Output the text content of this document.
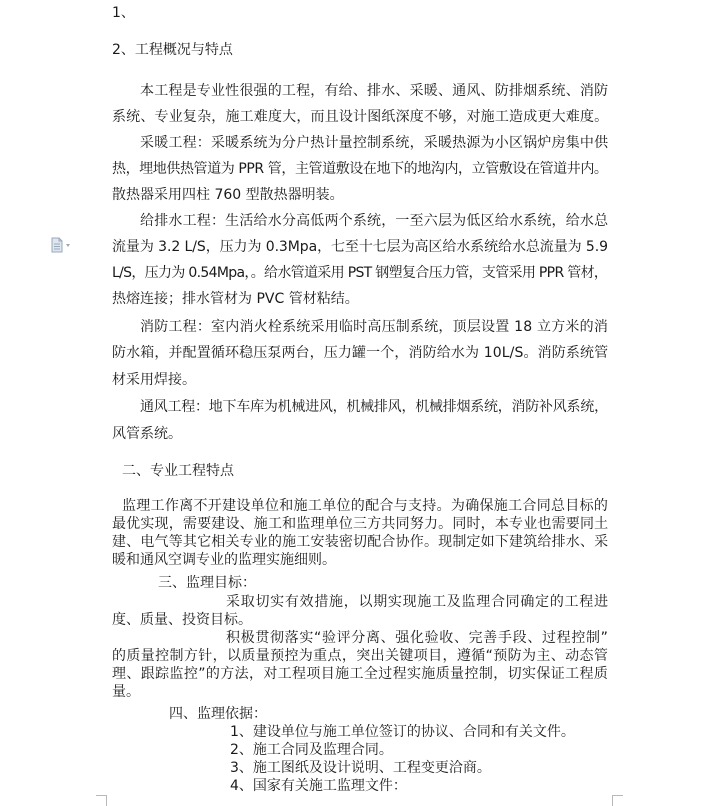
1、
2、工程概况与特点
本工程是专业性很强的工程，有给、排水、采暖、通风、防排烟系统、消防
系统、专业复杂，施工难度大，而且设计图纸深度不够，对施工造成更大难度。
采暖工程：采暖系统为分户热计量控制系统，采暖热源为小区锅炉房集中供
热，埋地供热管道为 PPR 管，主管道敷设在地下的地沟内，立管敷设在管道井内。
散热器采用四柱 760 型散热器明装。
给排水工程：生活给水分高低两个系统，一至六层为低区给水系统，给水总
流量为 3.2 L/S，压力为 0.3Mpa，七至十七层为高区给水系统给水总流量为 5.9
L/S，压力为 0.54Mpa，。给水管道采用 PST 钢塑复合压力管，支管采用 PPR 管材，
热熔连接；排水管材为 PVC 管材粘结。
消防工程：室内消火栓系统采用临时高压制系统，顶层设置 18 立方米的消
防水箱，并配置循环稳压泵两台，压力罐一个，消防给水为 10L/S。消防系统管
材采用焊接。
通风工程：地下车库为机械进风，机械排风，机械排烟系统，消防补风系统，
风管系统。
二、专业工程特点
监理工作离不开建设单位和施工单位的配合与支持。为确保施工合同总目标的
最优实现，需要建设、施工和监理单位三方共同努力。同时，本专业也需要同土
建、电气等其它相关专业的施工安装密切配合协作。现制定如下建筑给排水、采
暖和通风空调专业的监理实施细则。
三、监理目标：
采取切实有效措施，以期实现施工及监理合同确定的工程进
度、质量、投资目标。
积极贯彻落实“验评分离、强化验收、完善手段、过程控制”
的质量控制方针，以质量预控为重点，突出关键项目，遵循“预防为主、动态管
理、跟踪监控”的方法，对工程项目施工全过程实施质量控制，切实保证工程质
量。
四、监理依据：
1、建设单位与施工单位签订的协议、合同和有关文件。
2、施工合同及监理合同。
3、施工图纸及设计说明、工程变更洽商。
4、国家有关施工监理文件：
